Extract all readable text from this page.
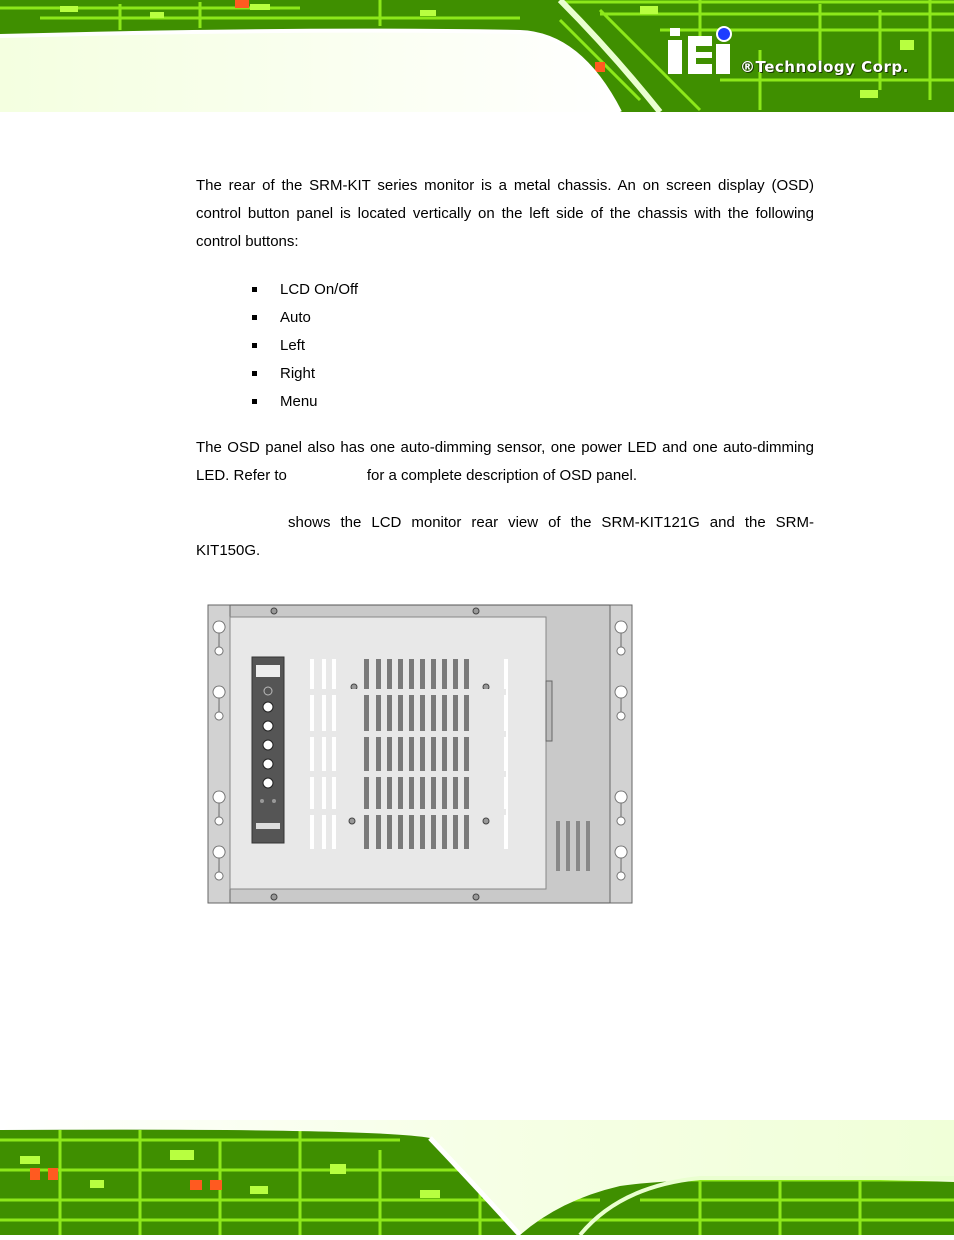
®Technology Corp.
The rear of the SRM-KIT series monitor is a metal chassis. An on screen display (OSD) control button panel is located vertically on the left side of the chassis with the following control buttons:
LCD On/Off
Auto
Left
Right
Menu
The OSD panel also has one auto-dimming sensor, one power LED and one auto-dimming LED. Refer to	for a complete description of OSD panel.
shows the LCD monitor rear view of the SRM-KIT121G and the SRM-KIT150G.
